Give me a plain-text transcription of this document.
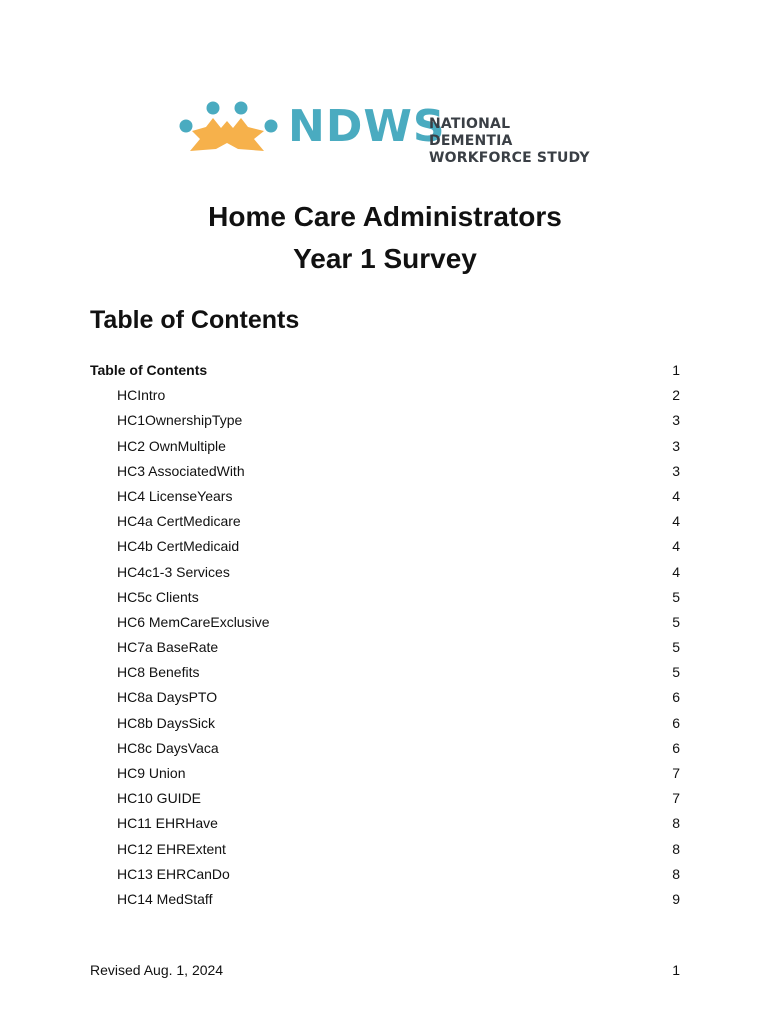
NDWS
NATIONAL DEMENTIA
WORKFORCE STUDY
Home Care Administrators
Year 1 Survey
Table of Contents
Table of Contents	1
HCIntro	2
HC1OwnershipType	3
HC2 OwnMultiple	3
HC3 AssociatedWith	3
HC4 LicenseYears	4
HC4a CertMedicare	4
HC4b CertMedicaid	4
HC4c1-3 Services	4
HC5c Clients	5
HC6 MemCareExclusive	5
HC7a BaseRate	5
HC8 Benefits	5
HC8a DaysPTO	6
HC8b DaysSick	6
HC8c DaysVaca	6
HC9 Union	7
HC10 GUIDE	7
HC11 EHRHave	8
HC12 EHRExtent	8
HC13 EHRCanDo	8
HC14 MedStaff	9
Revised Aug. 1, 2024	1
